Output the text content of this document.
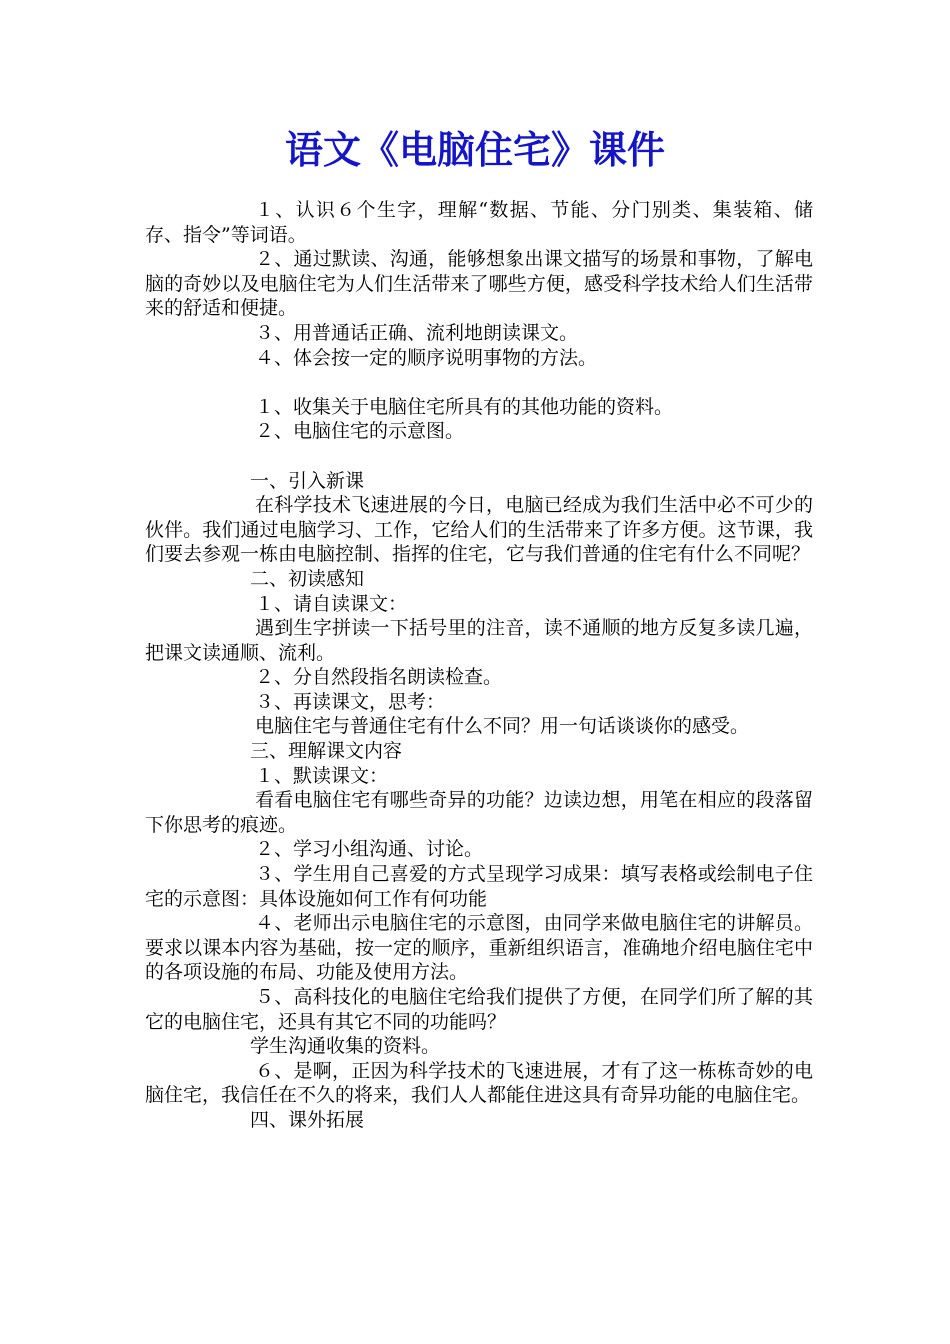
语文《电脑住宅》课件

１、认识６个生字，理解“数据、节能、分门别类、集装箱、储存、指令”等词语。

２、通过默读、沟通，能够想象出课文描写的场景和事物，了解电脑的奇妙以及电脑住宅为人们生活带来了哪些方便，感受科学技术给人们生活带来的舒适和便捷。

３、用普通话正确、流利地朗读课文。

４、体会按一定的顺序说明事物的方法。

１、收集关于电脑住宅所具有的其他功能的资料。

２、电脑住宅的示意图。

一、引入新课

在科学技术飞速进展的今日，电脑已经成为我们生活中必不可少的伙伴。我们通过电脑学习、工作，它给人们的生活带来了许多方便。这节课，我们要去参观一栋由电脑控制、指挥的住宅，它与我们普通的住宅有什么不同呢？

二、初读感知

１、请自读课文：

遇到生字拼读一下括号里的注音，读不通顺的地方反复多读几遍，把课文读通顺、流利。

２、分自然段指名朗读检查。

３、再读课文，思考：

电脑住宅与普通住宅有什么不同？用一句话谈谈你的感受。

三、理解课文内容

１、默读课文：

看看电脑住宅有哪些奇异的功能？边读边想，用笔在相应的段落留下你思考的痕迹。

２、学习小组沟通、讨论。

３、学生用自己喜爱的方式呈现学习成果：填写表格或绘制电子住宅的示意图：具体设施如何工作有何功能

４、老师出示电脑住宅的示意图，由同学来做电脑住宅的讲解员。要求以课本内容为基础，按一定的顺序，重新组织语言，准确地介绍电脑住宅中的各项设施的布局、功能及使用方法。

５、高科技化的电脑住宅给我们提供了方便，在同学们所了解的其它的电脑住宅，还具有其它不同的功能吗？

学生沟通收集的资料。

６、是啊，正因为科学技术的飞速进展，才有了这一栋栋奇妙的电脑住宅，我信任在不久的将来，我们人人都能住进这具有奇异功能的电脑住宅。

四、课外拓展
